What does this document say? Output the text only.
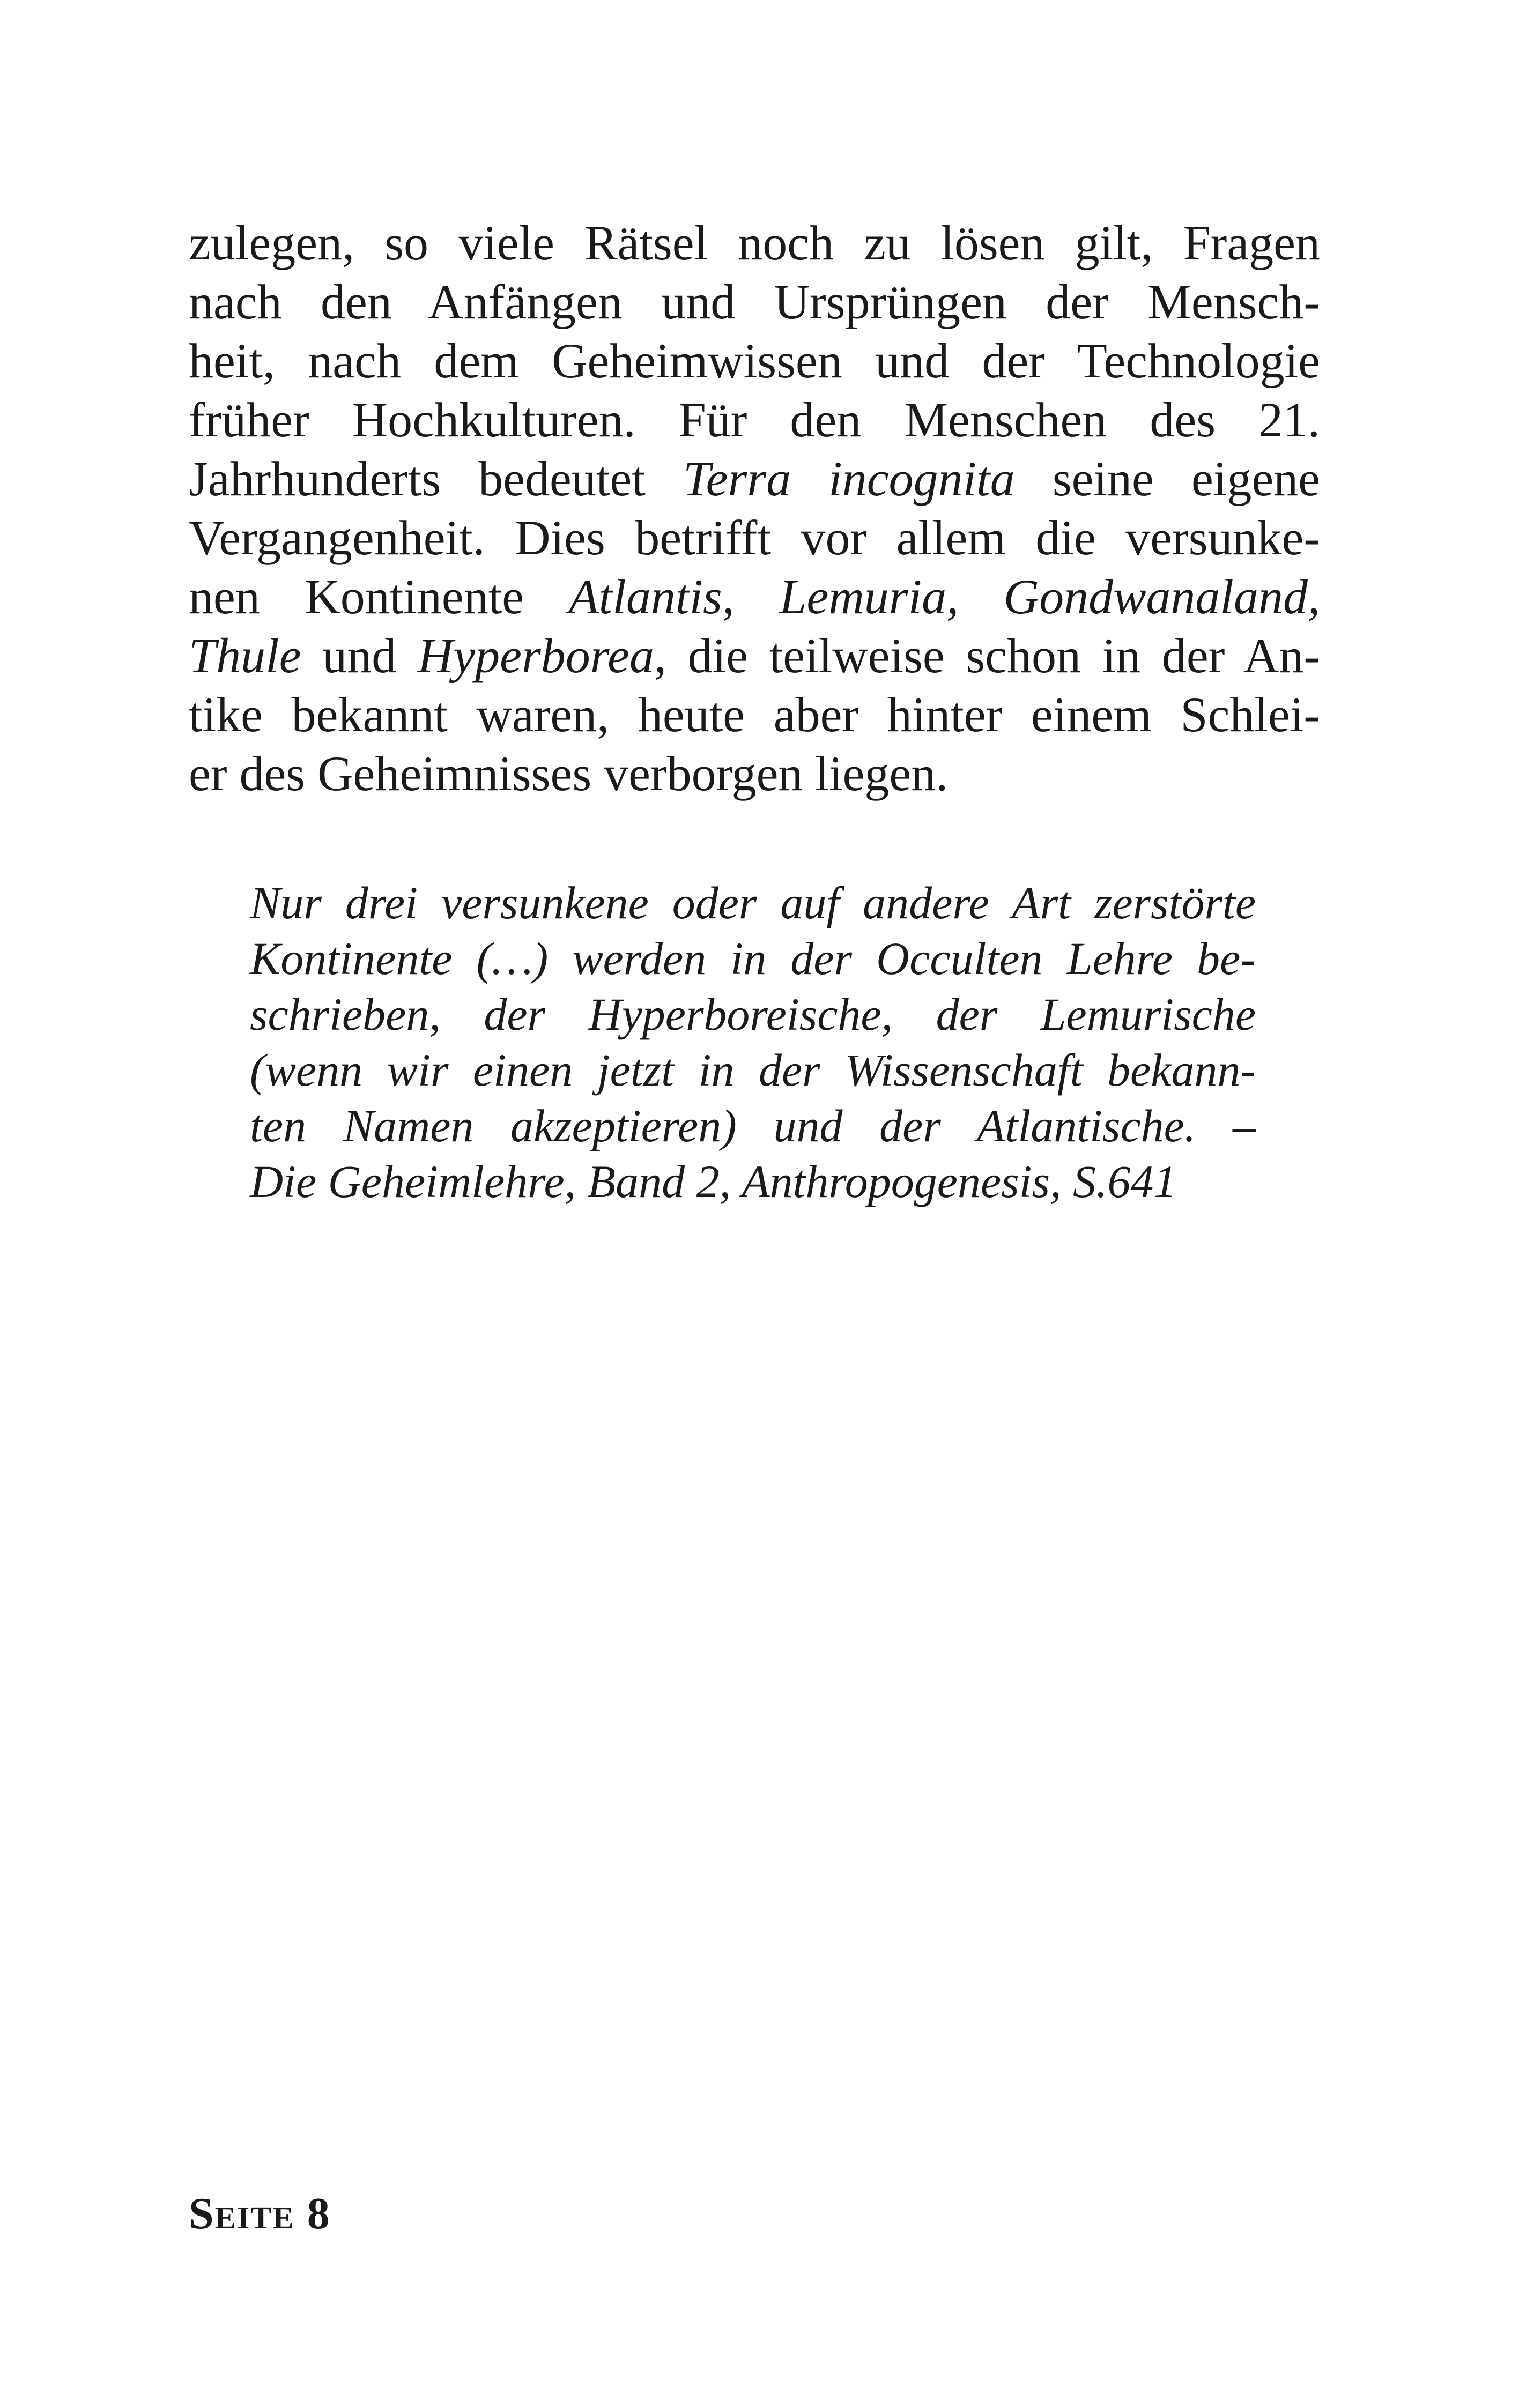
zulegen, so viele Rätsel noch zu lösen gilt, Fragen
nach den Anfängen und Ursprüngen der Mensch-
heit, nach dem Geheimwissen und der Technologie
früher Hochkulturen. Für den Menschen des 21.
Jahrhunderts bedeutet Terra incognita seine eigene
Vergangenheit. Dies betrifft vor allem die versunke-
nen Kontinente Atlantis, Lemuria, Gondwanaland,
Thule und Hyperborea, die teilweise schon in der An-
tike bekannt waren, heute aber hinter einem Schlei-
er des Geheimnisses verborgen liegen.
Nur drei versunkene oder auf andere Art zerstörte
Kontinente (…) werden in der Occulten Lehre be-
schrieben, der Hyperboreische, der Lemurische
(wenn wir einen jetzt in der Wissenschaft bekann-
ten Namen akzeptieren) und der Atlantische. –
Die Geheimlehre, Band 2, Anthropogenesis, S.641
Seite 8
